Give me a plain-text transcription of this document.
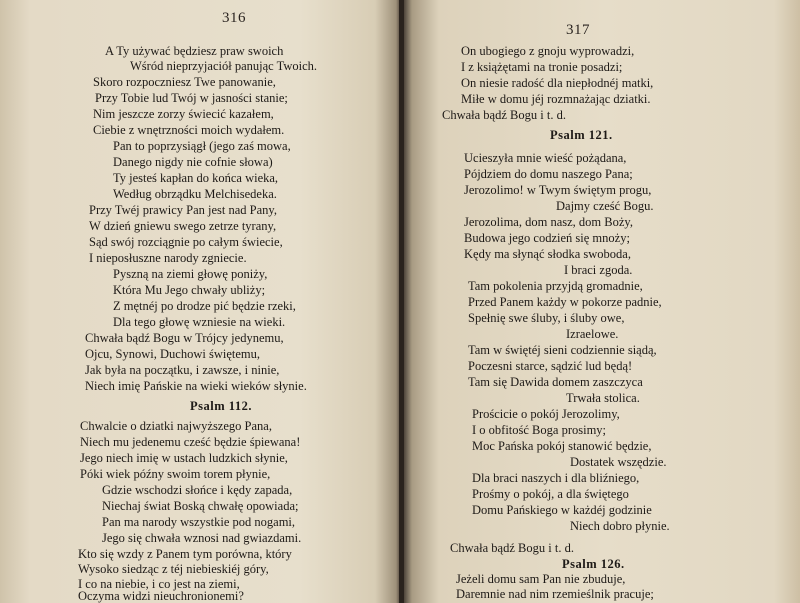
316
A Ty używać będziesz praw swoich
Wśród nieprzyjaciół panując Twoich.
Skoro rozpoczniesz Twe panowanie,
Przy Tobie lud Twój w jasności stanie;
Nim jeszcze zorzy świecić kazałem,
Ciebie z wnętrzności moich wydałem.
Pan to poprzysiągł (jego zaś mowa,
Danego nigdy nie cofnie słowa)
Ty jesteś kapłan do końca wieka,
Według obrządku Melchisedeka.
Przy Twéj prawicy Pan jest nad Pany,
W dzień gniewu swego zetrze tyrany,
Sąd swój rozciągnie po całym świecie,
I nieposłuszne narody zgniecie.
Pyszną na ziemi głowę poniży,
Która Mu Jego chwały ubliży;
Z mętnéj po drodze pić będzie rzeki,
Dla tego głowę wzniesie na wieki.
Chwała bądź Bogu w Trójcy jedynemu,
Ojcu, Synowi, Duchowi świętemu,
Jak była na początku, i zawsze, i ninie,
Niech imię Pańskie na wieki wieków słynie.
Psalm 112.
Chwalcie o dziatki najwyższego Pana,
Niech mu jedenemu cześć będzie śpiewana!
Jego niech imię w ustach ludzkich słynie,
Póki wiek późny swoim torem płynie,
Gdzie wschodzi słońce i kędy zapada,
Niechaj świat Boską chwałę opowiada;
Pan ma narody wszystkie pod nogami,
Jego się chwała wznosi nad gwiazdami.
Kto się wzdy z Panem tym porówna, który
Wysoko siedząc z téj niebieskiéj góry,
I co na niebie, i co jest na ziemi,
Oczyma widzi nieuchronionemi?
317
On ubogiego z gnoju wyprowadzi,
I z książętami na tronie posadzi;
On niesie radość dla niepłodnéj matki,
Miłe w domu jéj rozmnażając dziatki.
Chwała bądź Bogu i t. d.
Psalm 121.
Ucieszyła mnie wieść pożądana,
Pójdziem do domu naszego Pana;
Jerozolimo! w Twym świętym progu,
Dajmy cześć Bogu.
Jerozolima, dom nasz, dom Boży,
Budowa jego codzień się mnoży;
Kędy ma słynąć słodka swoboda,
I braci zgoda.
Tam pokolenia przyjdą gromadnie,
Przed Panem każdy w pokorze padnie,
Spełnię swe śluby, i śluby owe,
Izraelowe.
Tam w świętéj sieni codziennie siądą,
Poczesni starce, sądzić lud będą!
Tam się Dawida domem zaszczyca
Trwała stolica.
Prościcie o pokój Jerozolimy,
I o obfitość Boga prosimy;
Moc Pańska pokój stanowić będzie,
Dostatek wszędzie.
Dla braci naszych i dla bliźniego,
Prośmy o pokój, a dla świętego
Domu Pańskiego w każdéj godzinie
Niech dobro płynie.
Chwała bądź Bogu i t. d.
Psalm 126.
Jeżeli domu sam Pan nie zbuduje,
Daremnie nad nim rzemieślnik pracuje;
